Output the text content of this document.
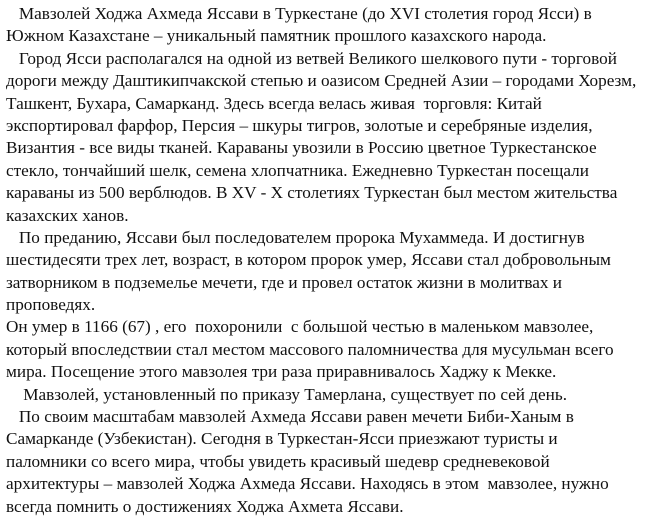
Мавзолей Ходжа Ахмеда Яссави в Туркестане (до XVI столетия город Ясси) в
Южном Казахстане – уникальный памятник прошлого казахского народа.
Город Ясси располагался на одной из ветвей Великого шелкового пути - торговой
дороги между Даштикипчакской степью и оазисом Средней Азии – городами Хорезм,
Ташкент, Бухара, Самарканд. Здесь всегда велась живая  торговля: Китай
экспортировал фарфор, Персия – шкуры тигров, золотые и серебряные изделия,
Византия - все виды тканей. Караваны увозили в Россию цветное Туркестанское
стекло, тончайший шелк, семена хлопчатника. Ежедневно Туркестан посещали
караваны из 500 верблюдов. В XV - Х столетиях Туркестан был местом жительства
казахских ханов.
По преданию, Яссави был последователем пророка Мухаммеда. И достигнув
шестидесяти трех лет, возраст, в котором пророк умер, Яссави стал добровольным
затворником в подземелье мечети, где и провел остаток жизни в молитвах и
проповедях.
Он умер в 1166 (67) , его  похоронили  с большой честью в маленьком мавзолее,
который впоследствии стал местом массового паломничества для мусульман всего
мира. Посещение этого мавзолея три раза приравнивалось Хаджу к Мекке.
Мавзолей, установленный по приказу Тамерлана, существует по сей день.
По своим масштабам мавзолей Ахмеда Яссави равен мечети Биби-Ханым в
Самарканде (Узбекистан). Сегодня в Туркестан-Ясси приезжают туристы и
паломники со всего мира, чтобы увидеть красивый шедевр средневековой
архитектуры – мавзолей Ходжа Ахмеда Яссави. Находясь в этом  мавзолее, нужно
всегда помнить о достижениях Ходжа Ахмета Яссави.
